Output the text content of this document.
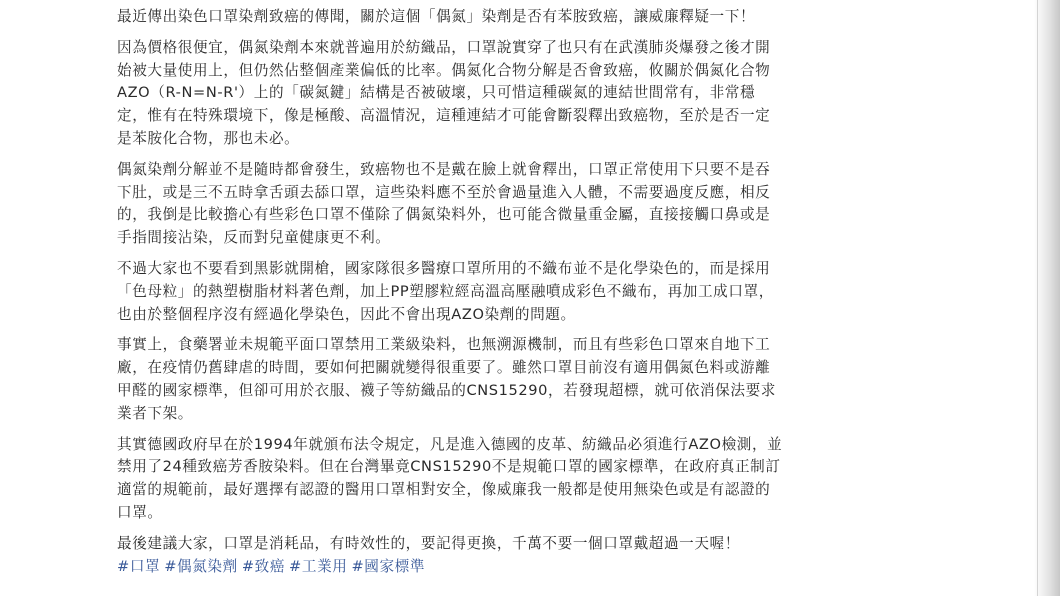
最近傳出染色口罩染劑致癌的傳聞，關於這個「偶氮」染劑是否有苯胺致癌，讓威廉釋疑一下！

因為價格很便宜，偶氮染劑本來就普遍用於紡織品，口罩說實穿了也只有在武漢肺炎爆發之後才開
始被大量使用上，但仍然佔整個產業偏低的比率。偶氮化合物分解是否會致癌，攸關於偶氮化合物
AZO（R-N=N-R'）上的「碳氮鍵」結構是否被破壞，只可惜這種碳氮的連結世間常有，非常穩
定，惟有在特殊環境下，像是極酸、高溫情況，這種連結才可能會斷裂釋出致癌物，至於是否一定
是苯胺化合物，那也未必。

偶氮染劑分解並不是隨時都會發生，致癌物也不是戴在臉上就會釋出，口罩正常使用下只要不是吞
下肚，或是三不五時拿舌頭去舔口罩，這些染料應不至於會過量進入人體，不需要過度反應，相反
的，我倒是比較擔心有些彩色口罩不僅除了偶氮染料外，也可能含微量重金屬，直接接觸口鼻或是
手指間接沾染，反而對兒童健康更不利。

不過大家也不要看到黑影就開槍，國家隊很多醫療口罩所用的不織布並不是化學染色的，而是採用
「色母粒」的熱塑樹脂材料著色劑，加上PP塑膠粒經高溫高壓融噴成彩色不織布，再加工成口罩，
也由於整個程序沒有經過化學染色，因此不會出現AZO染劑的問題。

事實上，食藥署並未規範平面口罩禁用工業級染料，也無溯源機制，而且有些彩色口罩來自地下工
廠，在疫情仍舊肆虐的時間，要如何把關就變得很重要了。雖然口罩目前沒有適用偶氮色料或游離
甲醛的國家標準，但卻可用於衣服、襪子等紡織品的CNS15290，若發現超標，就可依消保法要求
業者下架。

其實德國政府早在於1994年就頒布法令規定，凡是進入德國的皮革、紡織品必須進行AZO檢測，並
禁用了24種致癌芳香胺染料。但在台灣畢竟CNS15290不是規範口罩的國家標準，在政府真正制訂
適當的規範前，最好選擇有認證的醫用口罩相對安全，像威廉我一般都是使用無染色或是有認證的
口罩。

最後建議大家，口罩是消耗品，有時效性的，要記得更換，千萬不要一個口罩戴超過一天喔！
#口罩 #偶氮染劑 #致癌 #工業用 #國家標準
